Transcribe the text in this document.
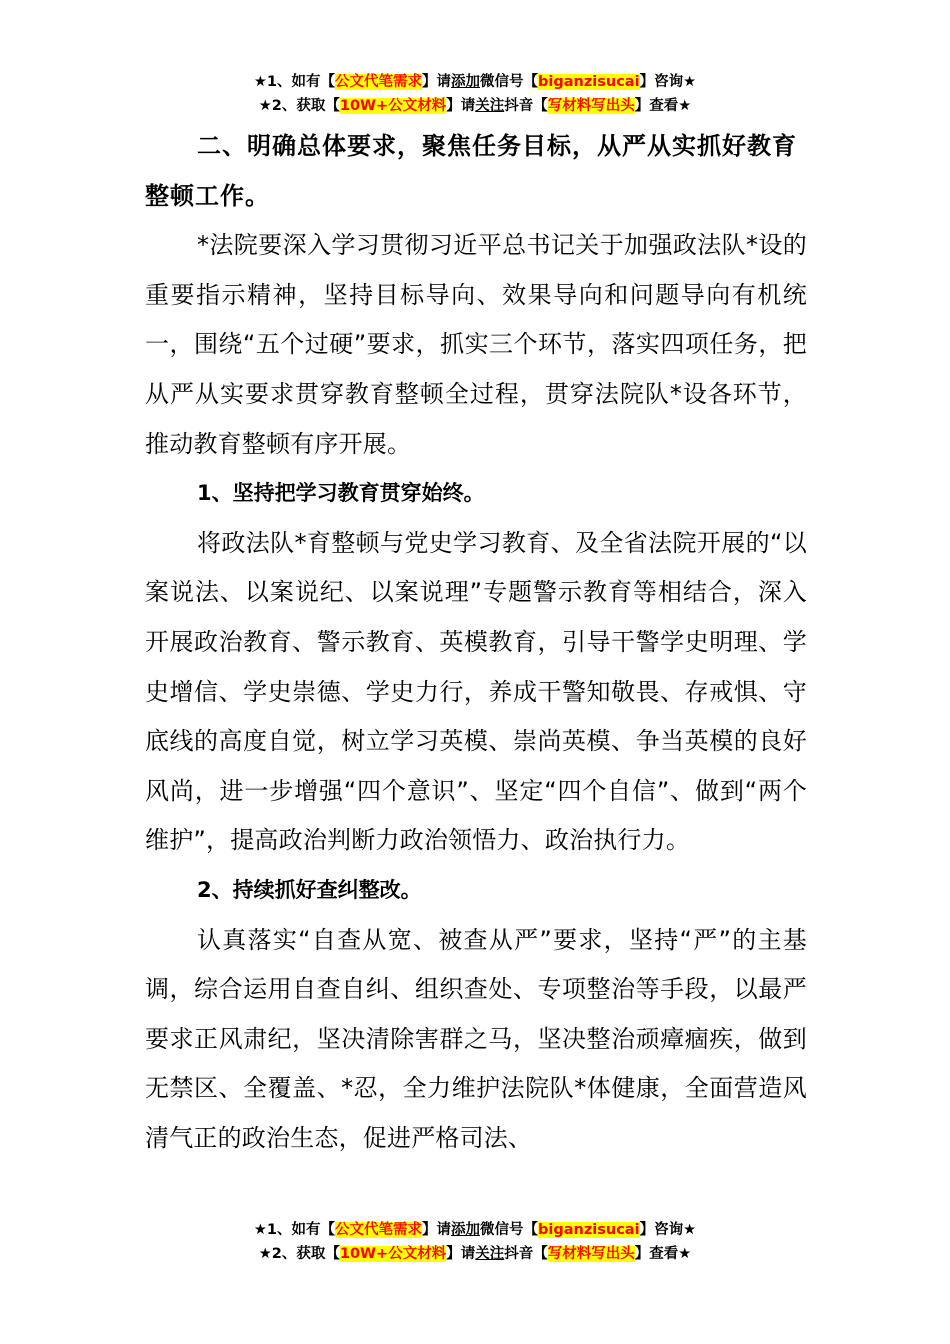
★1、如有【公文代笔需求】请添加微信号【biganzisucai】咨询★
★2、获取【10W+公文材料】请关注抖音【写材料写出头】查看★

二、明确总体要求，聚焦任务目标，从严从实抓好教育整顿工作。

*法院要深入学习贯彻习近平总书记关于加强政法队*设的重要指示精神，坚持目标导向、效果导向和问题导向有机统一，围绕“五个过硬”要求，抓实三个环节，落实四项任务，把从严从实要求贯穿教育整顿全过程，贯穿法院队*设各环节，推动教育整顿有序开展。

1、坚持把学习教育贯穿始终。

将政法队*育整顿与党史学习教育、及全省法院开展的“以案说法、以案说纪、以案说理”专题警示教育等相结合，深入开展政治教育、警示教育、英模教育，引导干警学史明理、学史增信、学史崇德、学史力行，养成干警知敬畏、存戒惧、守底线的高度自觉，树立学习英模、崇尚英模、争当英模的良好风尚，进一步增强“四个意识”、坚定“四个自信”、做到“两个维护”，提高政治判断力政治领悟力、政治执行力。

2、持续抓好查纠整改。

认真落实“自查从宽、被查从严”要求，坚持“严”的主基调，综合运用自查自纠、组织查处、专项整治等手段，以最严要求正风肃纪，坚决清除害群之马，坚决整治顽瘴痼疾，做到无禁区、全覆盖、*忍，全力维护法院队*体健康，全面营造风清气正的政治生态，促进严格司法、

★1、如有【公文代笔需求】请添加微信号【biganzisucai】咨询★
★2、获取【10W+公文材料】请关注抖音【写材料写出头】查看★
